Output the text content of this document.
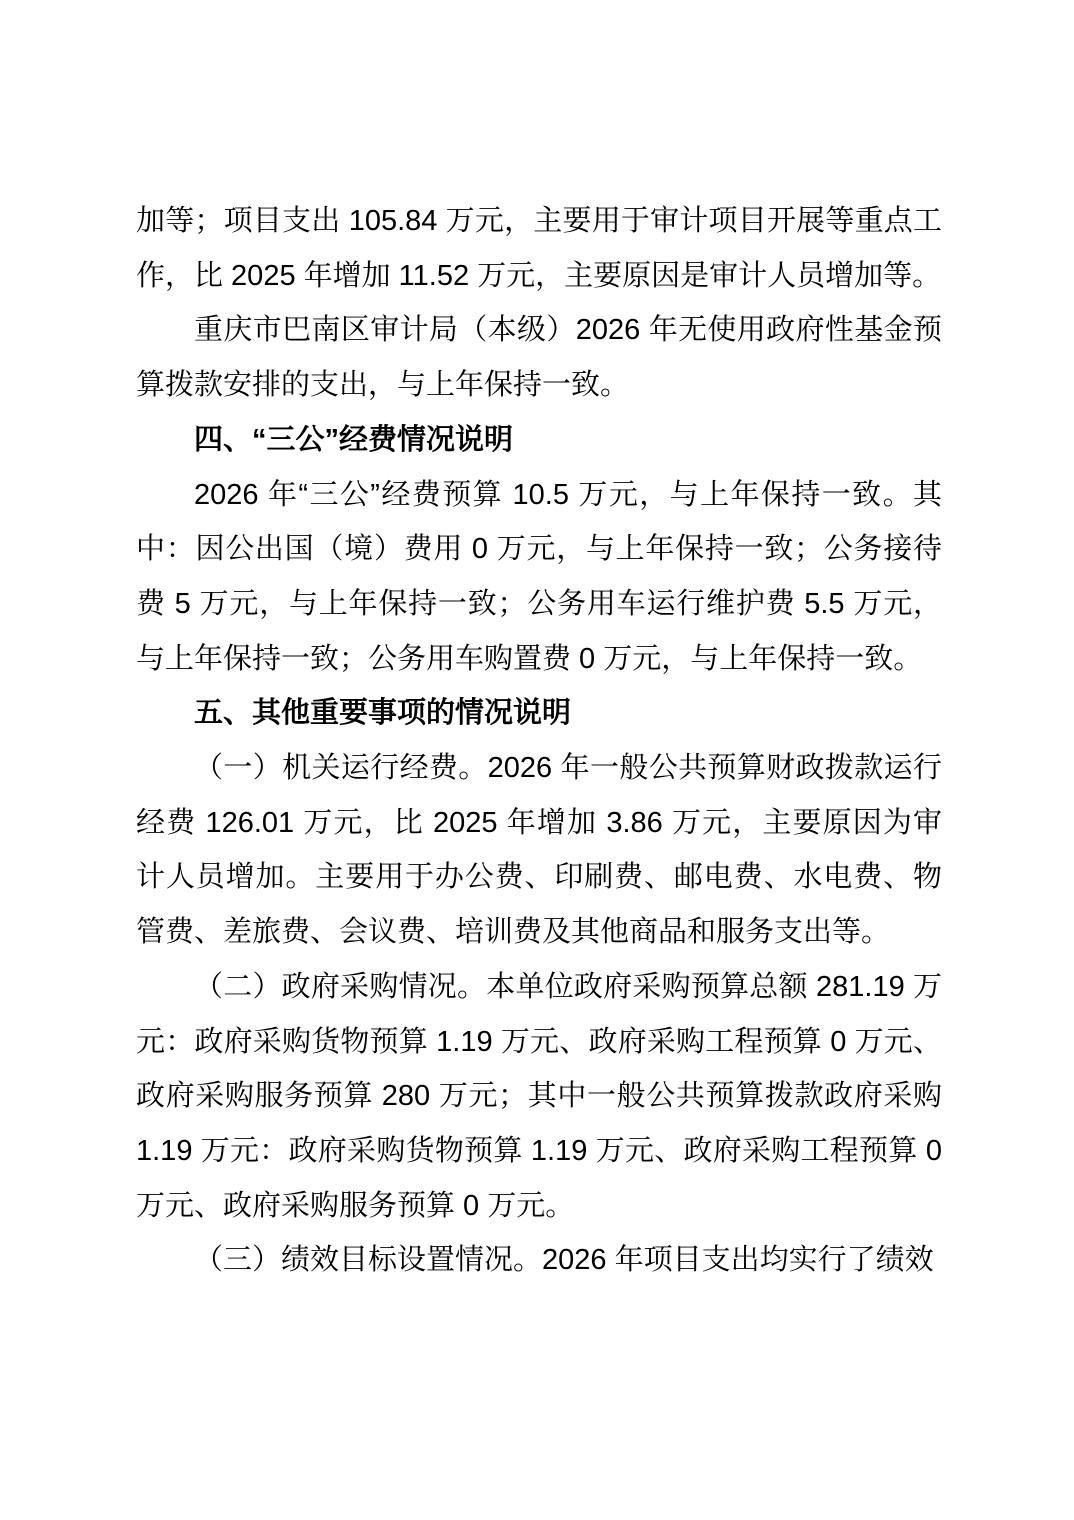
加等；项目支出 105.84 万元，主要用于审计项目开展等重点工作，比 2025 年增加 11.52 万元，主要原因是审计人员增加等。

重庆市巴南区审计局（本级）2026 年无使用政府性基金预算拨款安排的支出，与上年保持一致。

四、“三公”经费情况说明

2026 年“三公”经费预算 10.5 万元，与上年保持一致。其中：因公出国（境）费用 0 万元，与上年保持一致；公务接待费 5 万元，与上年保持一致；公务用车运行维护费 5.5 万元，与上年保持一致；公务用车购置费 0 万元，与上年保持一致。

五、其他重要事项的情况说明

（一）机关运行经费。2026 年一般公共预算财政拨款运行经费 126.01 万元，比 2025 年增加 3.86 万元，主要原因为审计人员增加。主要用于办公费、印刷费、邮电费、水电费、物管费、差旅费、会议费、培训费及其他商品和服务支出等。

（二）政府采购情况。本单位政府采购预算总额 281.19 万元：政府采购货物预算 1.19 万元、政府采购工程预算 0 万元、政府采购服务预算 280 万元；其中一般公共预算拨款政府采购 1.19 万元：政府采购货物预算 1.19 万元、政府采购工程预算 0 万元、政府采购服务预算 0 万元。

（三）绩效目标设置情况。2026 年项目支出均实行了绩效
